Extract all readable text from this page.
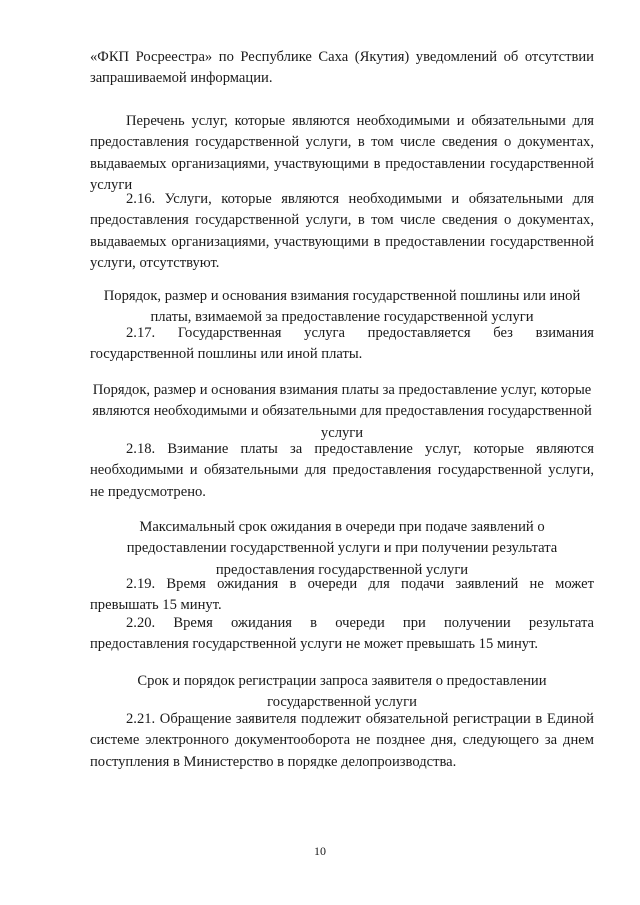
«ФКП Росреестра» по Республике Саха (Якутия) уведомлений об отсутствии запрашиваемой информации.

Перечень услуг, которые являются необходимыми и обязательными для предоставления государственной услуги, в том числе сведения о документах, выдаваемых организациями, участвующими в предоставлении государственной услуги

2.16. Услуги, которые являются необходимыми и обязательными для предоставления государственной услуги, в том числе сведения о документах, выдаваемых организациями, участвующими в предоставлении государственной услуги, отсутствуют.

Порядок, размер и основания взимания государственной пошлины или иной платы, взимаемой за предоставление государственной услуги

2.17. Государственная услуга предоставляется без взимания государственной пошлины или иной платы.

Порядок, размер и основания взимания платы за предоставление услуг, которые являются необходимыми и обязательными для предоставления государственной услуги

2.18. Взимание платы за предоставление услуг, которые являются необходимыми и обязательными для предоставления государственной услуги, не предусмотрено.

Максимальный срок ожидания в очереди при подаче заявлений о предоставлении государственной услуги и при получении результата предоставления государственной услуги

2.19. Время ожидания в очереди для подачи заявлений не может превышать 15 минут.

2.20. Время ожидания в очереди при получении результата предоставления государственной услуги не может превышать 15 минут.

Срок и порядок регистрации запроса заявителя о предоставлении государственной услуги

2.21. Обращение заявителя подлежит обязательной регистрации в Единой системе электронного документооборота не позднее дня, следующего за днем поступления в Министерство в порядке делопроизводства.

10
